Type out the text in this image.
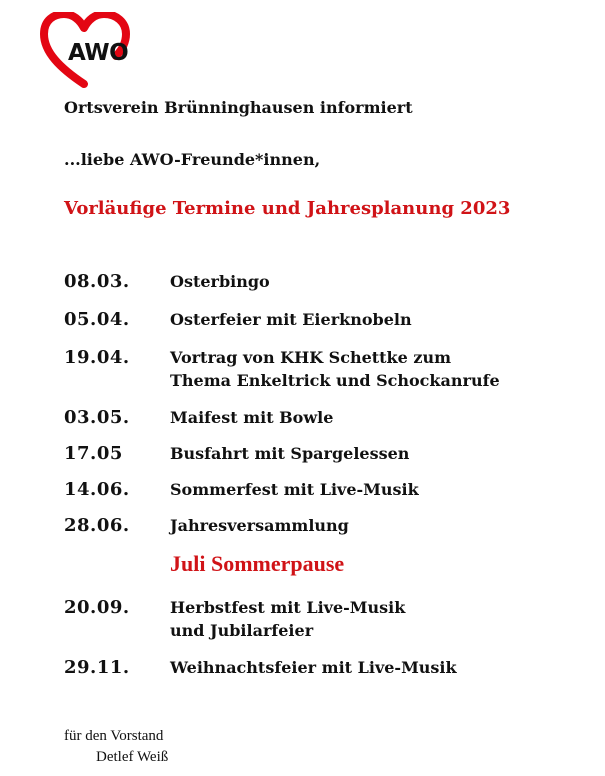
AWO
Ortsverein Brünninghausen informiert
...liebe AWO-Freunde*innen,
Vorläufige Termine und Jahresplanung 2023
08.03.	Osterbingo
05.04.	Osterfeier mit Eierknobeln
19.04.	Vortrag von KHK Schettke zum
Thema Enkeltrick und Schockanrufe
03.05.	Maifest mit Bowle
17.05	Busfahrt mit Spargelessen
14.06.	Sommerfest mit Live-Musik
28.06.	Jahresversammlung
Juli Sommerpause
20.09.	Herbstfest mit Live-Musik
und Jubilarfeier
29.11.	Weihnachtsfeier mit Live-Musik
für den Vorstand
Detlef Weiß
